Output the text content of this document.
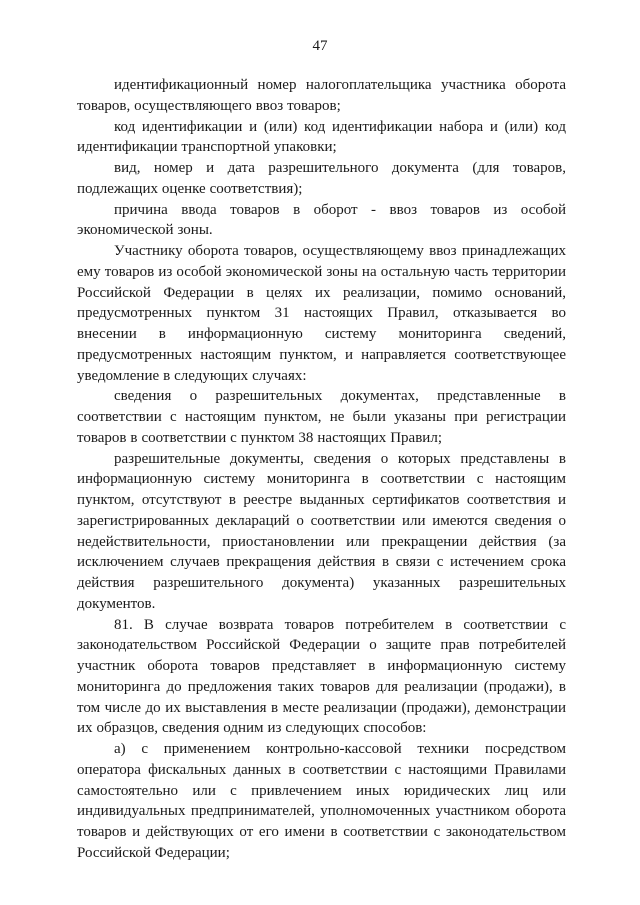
47

идентификационный номер налогоплательщика участника оборота товаров, осуществляющего ввоз товаров;

код идентификации и (или) код идентификации набора и (или) код идентификации транспортной упаковки;

вид, номер и дата разрешительного документа (для товаров, подлежащих оценке соответствия);

причина ввода товаров в оборот - ввоз товаров из особой экономической зоны.

Участнику оборота товаров, осуществляющему ввоз принадлежащих ему товаров из особой экономической зоны на остальную часть территории Российской Федерации в целях их реализации, помимо оснований, предусмотренных пунктом 31 настоящих Правил, отказывается во внесении в информационную систему мониторинга сведений, предусмотренных настоящим пунктом, и направляется соответствующее уведомление в следующих случаях:

сведения о разрешительных документах, представленные в соответствии с настоящим пунктом, не были указаны при регистрации товаров в соответствии с пунктом 38 настоящих Правил;

разрешительные документы, сведения о которых представлены в информационную систему мониторинга в соответствии с настоящим пунктом, отсутствуют в реестре выданных сертификатов соответствия и зарегистрированных деклараций о соответствии или имеются сведения о недействительности, приостановлении или прекращении действия (за исключением случаев прекращения действия в связи с истечением срока действия разрешительного документа) указанных разрешительных документов.

81. В случае возврата товаров потребителем в соответствии с законодательством Российской Федерации о защите прав потребителей участник оборота товаров представляет в информационную систему мониторинга до предложения таких товаров для реализации (продажи), в том числе до их выставления в месте реализации (продажи), демонстрации их образцов, сведения одним из следующих способов:

а) с применением контрольно-кассовой техники посредством оператора фискальных данных в соответствии с настоящими Правилами самостоятельно или с привлечением иных юридических лиц или индивидуальных предпринимателей, уполномоченных участником оборота товаров и действующих от его имени в соответствии с законодательством Российской Федерации;
